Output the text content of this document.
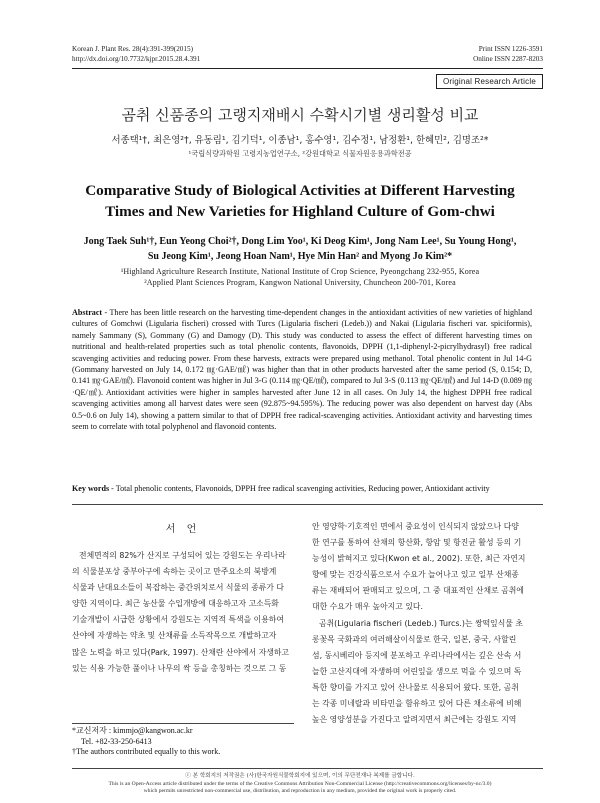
Korean J. Plant Res. 28(4):391-399(2015)
http://dx.doi.org/10.7732/kjpr.2015.28.4.391
Print ISSN 1226-3591
Online ISSN 2287-8203
Original Research Article
곰취 신품종의 고랭지재배시 수확시기별 생리활성 비교
서종택¹†, 최은영²†, 유동림¹, 김기덕¹, 이종남¹, 홍수영¹, 김수정¹, 남정환¹, 한혜민², 김명조²*
¹국립식량과학원 고령지농업연구소, ²강원대학교 식물자원응용과학전공
Comparative Study of Biological Activities at Different Harvesting
Times and New Varieties for Highland Culture of Gom-chwi
Jong Taek Suh¹†, Eun Yeong Choi²†, Dong Lim Yoo¹, Ki Deog Kim¹, Jong Nam Lee¹, Su Young Hong¹,
Su Jeong Kim¹, Jeong Hoan Nam¹, Hye Min Han² and Myong Jo Kim²*
¹Highland Agriculture Research Institute, National Institute of Crop Science, Pyeongchang 232-955, Korea
²Applied Plant Sciences Program, Kangwon National University, Chuncheon 200-701, Korea
Abstract - There has been little research on the harvesting time-dependent changes in the antioxidant activities of new varieties of highland cultures of Gomchwi (Ligularia fischeri) crossed with Turcs (Ligularia fischeri (Ledeb.)) and Nakai (Ligularia fischeri var. spiciformis), namely Sammany (S), Gommany (G) and Damogy (D). This study was conducted to assess the effect of different harvesting times on nutritional and health-related properties such as total phenolic contents, flavonoids, DPPH (1,1-diphenyl-2-picrylhydrasyl) free radical scavenging activities and reducing power. From these harvests, extracts were prepared using methanol. Total phenolic content in Jul 14-G (Gommany harvested on July 14, 0.172 ㎎·GAE/㎖) was higher than that in other products harvested after the same period (S, 0.154; D, 0.141 ㎎·GAE/㎖). Flavonoid content was higher in Jul 3-G (0.114 ㎎·QE/㎖), compared to Jul 3-S (0.113 ㎎·QE/㎖) and Jul 14-D (0.089 ㎎·QE/㎖). Antioxidant activities were higher in samples harvested after June 12 in all cases. On July 14, the highest DPPH free radical scavenging activities among all harvest dates were seen (92.875~94.595%). The reducing power was also dependent on harvest day (Abs 0.5~0.6 on July 14), showing a pattern similar to that of DPPH free radical-scavenging activities. Antioxidant activity and harvesting times seem to correlate with total polyphenol and flavonoid contents.
Key words - Total phenolic contents, Flavonoids, DPPH free radical scavenging activities, Reducing power, Antioxidant activity
서 언

전체면적의 82%가 산지로 구성되어 있는 강원도는 우리나라

의 식물분포상 중부아구에 속하는 곳이고 만주요소의 북방계

식물과 난대요소들이 복잡하는 중간위치로서 식물의 종류가 다

양한 지역이다. 최근 농산물 수입개방에 대응하고자 고소득화

기술개발이 시급한 상황에서 강원도는 지역적 특색을 이용하여

산야에 자생하는 약초 및 산채류를 소득작목으로 개발하고자

많은 노력을 하고 있다(Park, 1997). 산채란 산야에서 자생하고

있는 식용 가능한 풀이나 나무의 싹 등을 총칭하는 것으로 그 동

안 영양학·기호적인 면에서 중요성이 인식되지 않았으나 다양

한 연구를 통하여 산채의 항산화, 항암 및 항진균 활성 등의 기

능성이 밝혀지고 있다(Kwon et al., 2002). 또한, 최근 자연지

향에 맞는 건강식품으로서 수요가 늘어나고 있고 일부 산채종

류는 재배되어 판매되고 있으며, 그 중 대표적인 산채로 곰취에

대한 수요가 매우 높아지고 있다.

곰취(Ligularia fischeri (Ledeb.) Turcs.)는 쌍떡잎식물 초

롱꽃목 국화과의 여러해살이식물로 한국, 일본, 중국, 사할린

섬, 동시베리아 등지에 분포하고 우리나라에서는 깊은 산속 서

늘한 고산지대에 자생하며 어린잎을 생으로 먹을 수 있으며 독

특한 향미를 가지고 있어 산나물로 식용되어 왔다. 또한, 곰취

는 각종 미네랄과 비타민을 함유하고 있어 다른 채소류에 비해

높은 영양성분을 가진다고 알려지면서 최근에는 강원도 지역

*교신저자 : kimmjo@kangwon.ac.kr
Tel. +82-33-250-6413
†The authors contributed equally to this work.
ⓒ 본 학회지의 저작권은 (사)한국자원식물학회지에 있으며, 이의 무단전재나 복제를 금합니다.
This is an Open-Access article distributed under the terms of the Creative Commons Attribution Non-Commercial License (http://creativecommons.org/licenses/by-nc/3.0)
which permits unrestricted non-commercial use, distribution, and reproduction in any medium, provided the original work is properly cited.
